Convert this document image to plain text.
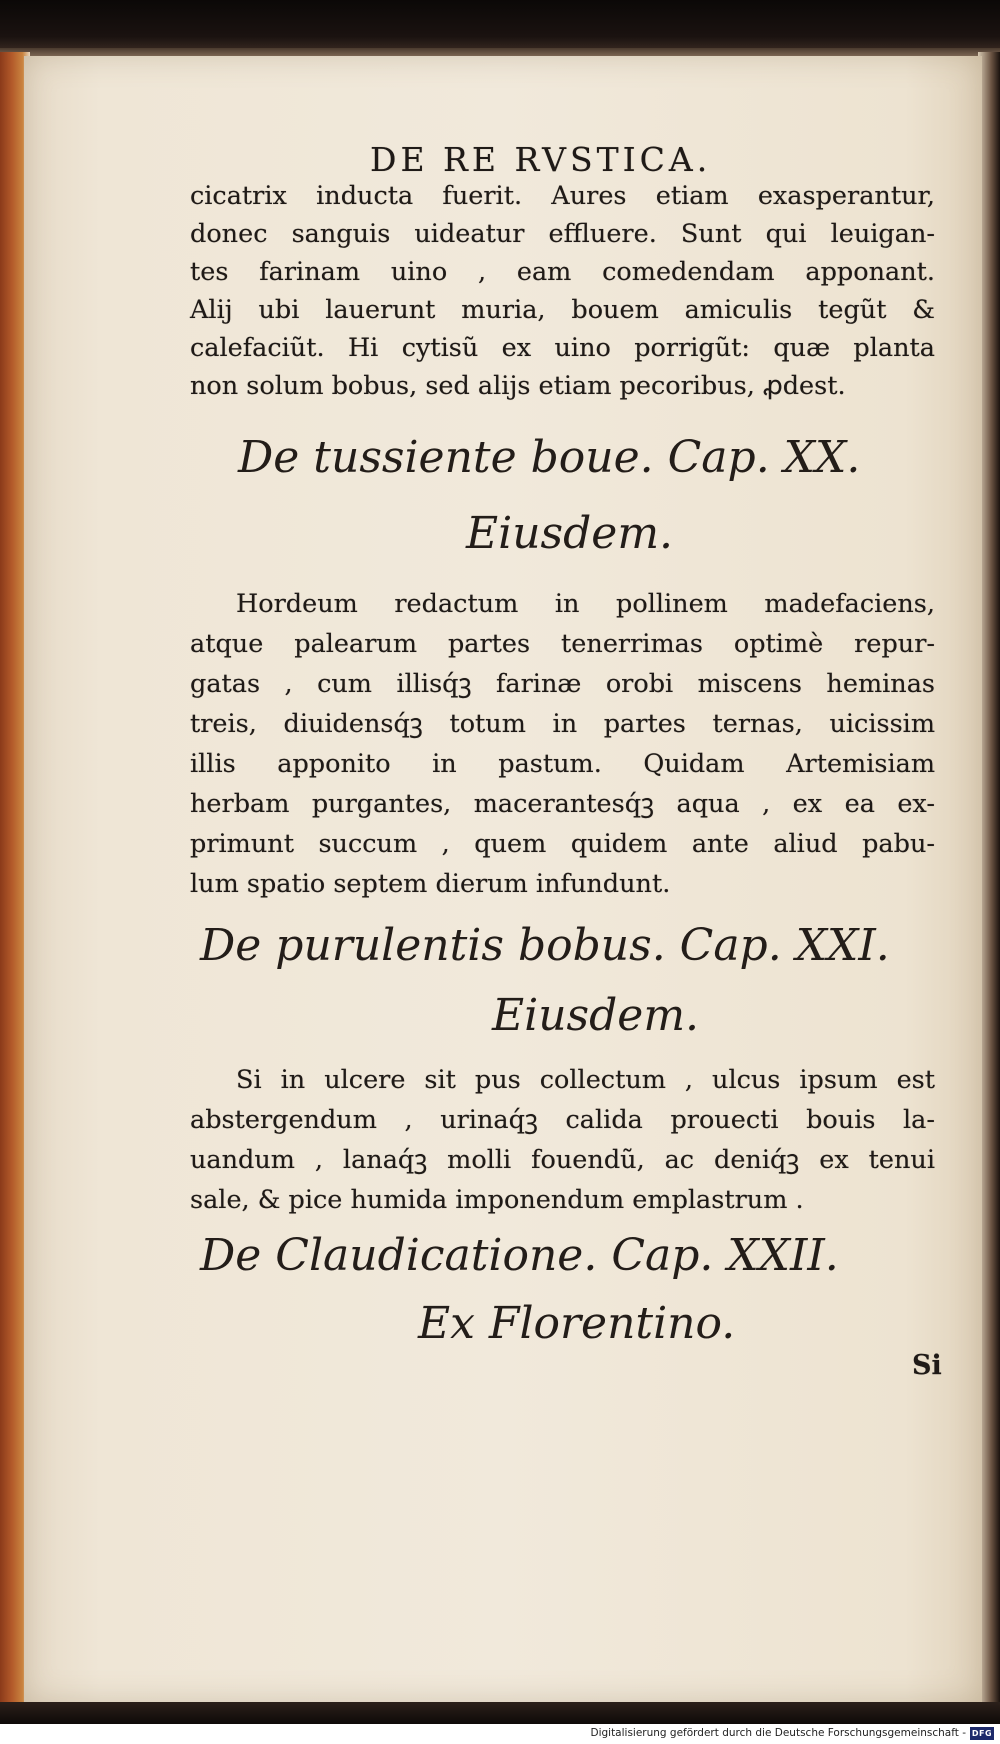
DE RE RVSTICA.
cicatrix inducta fuerit. Aures etiam exasperantur,
donec sanguis uideatur effluere. Sunt qui leuigan-
tes farinam uino , eam comedendam apponant.
Alij ubi lauerunt muria, bouem amiculis tegũt &
calefaciũt. Hi cytisũ ex uino porrigũt: quæ planta
non solum bobus, sed alijs etiam pecoribus, ꝓdest.
De tussiente boue. Cap. XX.
Eiusdem.
Hordeum redactum in pollinem madefaciens,
atque palearum partes tenerrimas optimè repur-
gatas , cum illisq́ꝫ farinæ orobi miscens heminas
treis, diuidensq́ꝫ totum in partes ternas, uicissim
illis apponito in pastum. Quidam Artemisiam
herbam purgantes, macerantesq́ꝫ aqua , ex ea ex-
primunt succum , quem quidem ante aliud pabu-
lum spatio septem dierum infundunt.
De purulentis bobus. Cap. XXI.
Eiusdem.
Si in ulcere sit pus collectum , ulcus ipsum est
abstergendum , urinaq́ꝫ calida prouecti bouis la-
uandum , lanaq́ꝫ molli fouendũ, ac deniq́ꝫ ex tenui
sale, & pice humida imponendum emplastrum .
De Claudicatione. Cap. XXII.
Ex Florentino.
Si
Digitalisierung gefördert durch die Deutsche Forschungsgemeinschaft - DFG
